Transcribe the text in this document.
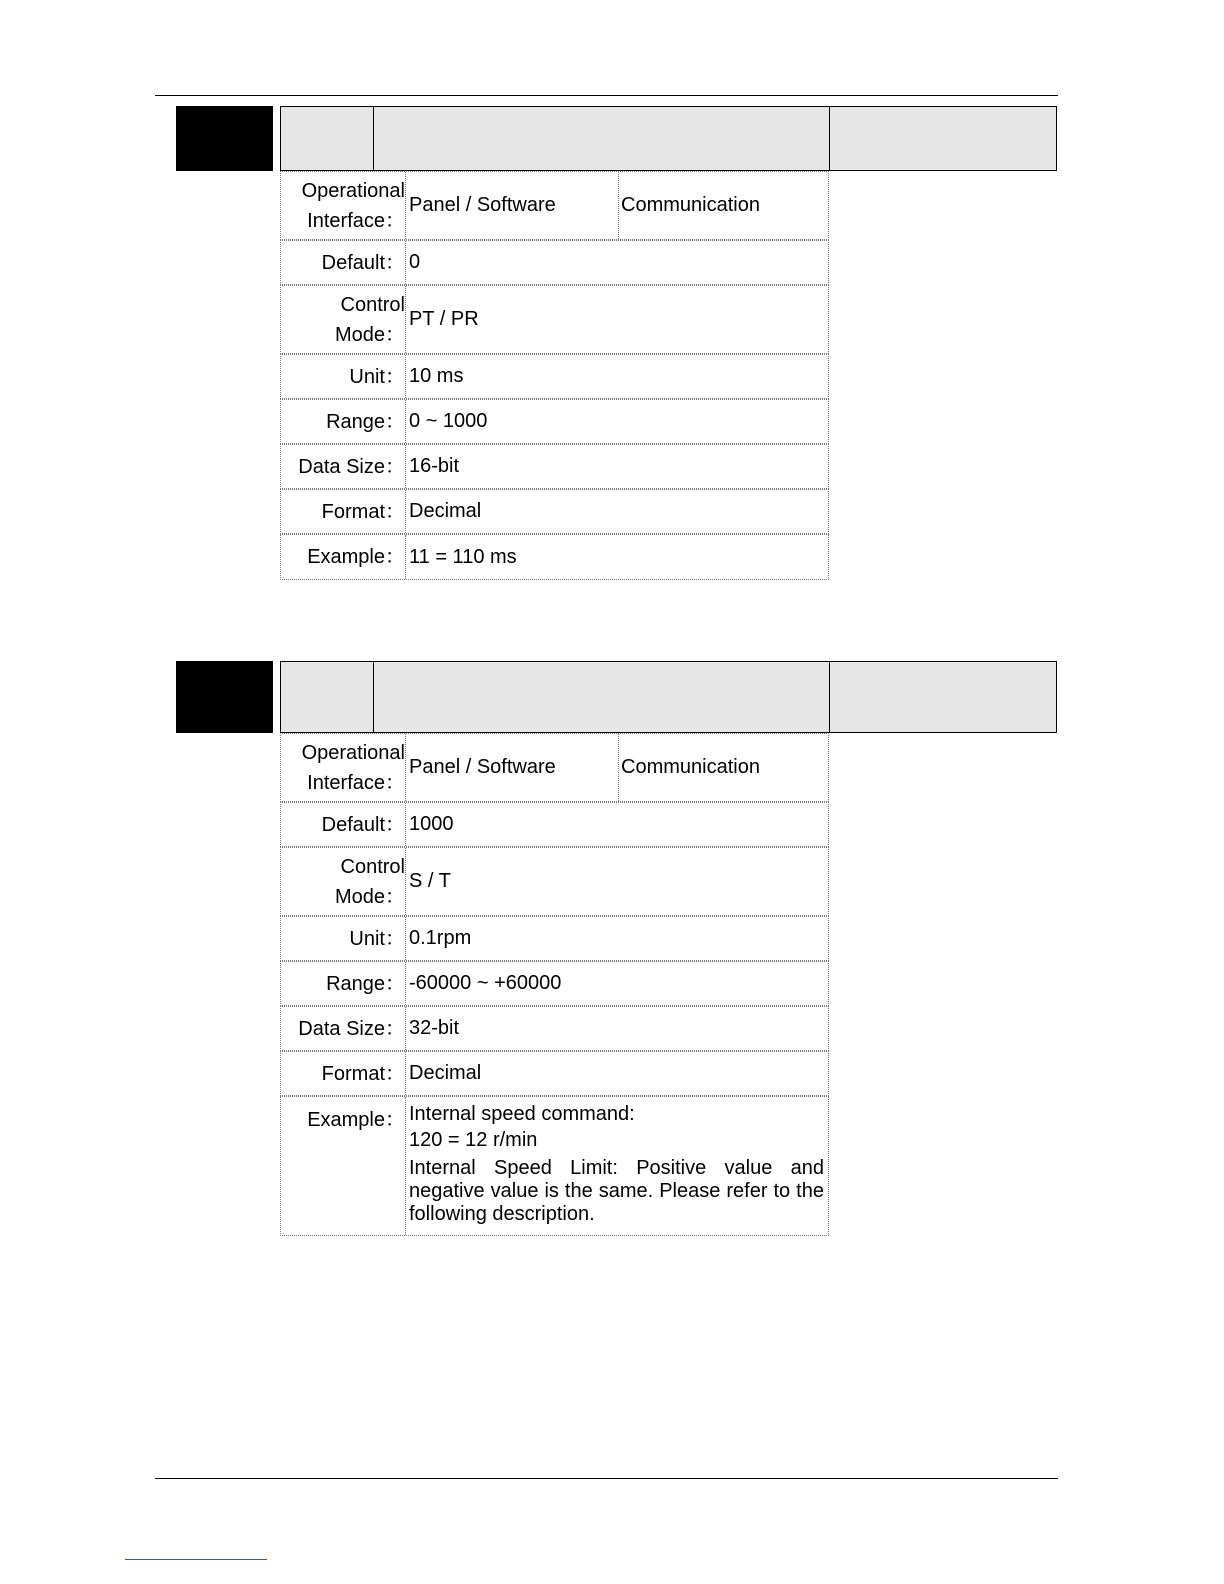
Operational
Interface：
Panel / Software	Communication
Default： 0
Control
Mode：
PT / PR
Unit： 10 ms
Range： 0 ~ 1000
Data Size： 16-bit
Format： Decimal
Example： 11 = 110 ms
Operational
Interface：
Panel / Software	Communication
Default： 1000
Control
Mode：
S / T
Unit： 0.1rpm
Range： -60000 ~ +60000
Data Size： 32-bit
Format： Decimal
Example： Internal speed command:

120 = 12 r/min

Internal Speed Limit: Positive value and negative value is the same. Please refer to the following description.
